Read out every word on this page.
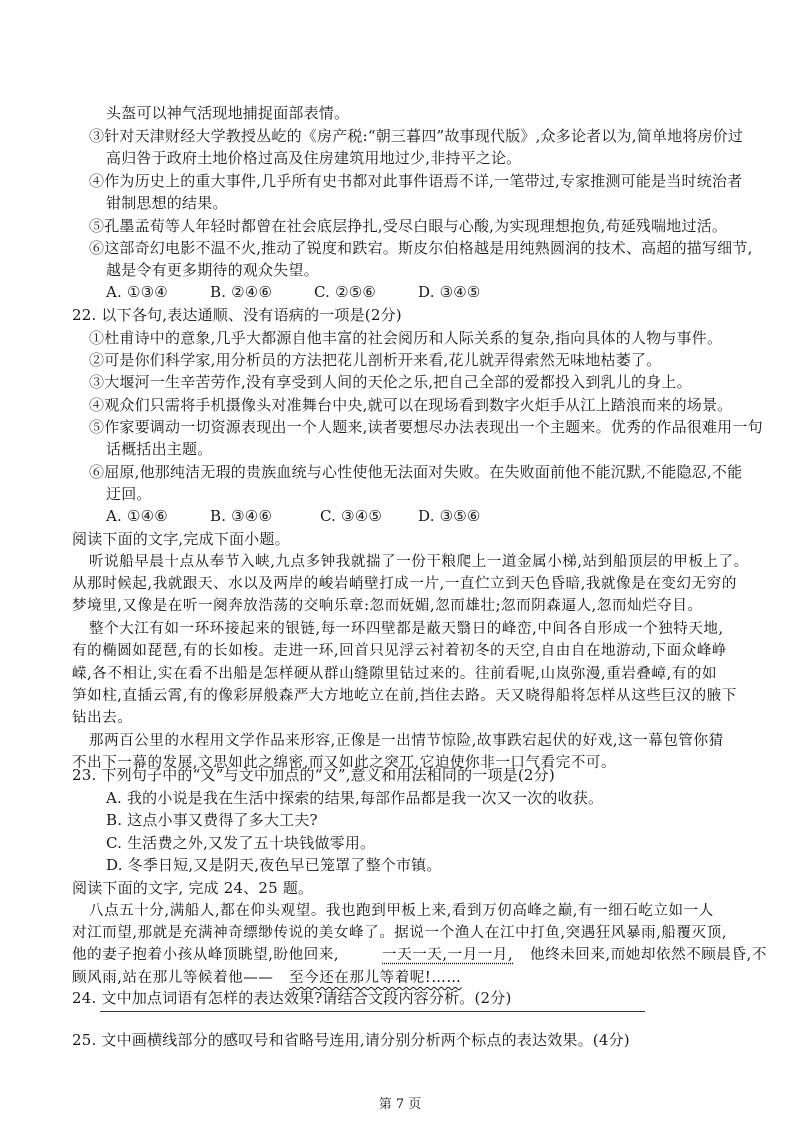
头盔可以神气活现地捕捉面部表情。
③针对天津财经大学教授丛屹的《房产税:“朝三暮四”故事现代版》,众多论者以为,简单地将房价过
高归咎于政府土地价格过高及住房建筑用地过少,非持平之论。
④作为历史上的重大事件,几乎所有史书都对此事件语焉不详,一笔带过,专家推测可能是当时统治者
钳制思想的结果。
⑤孔墨孟荀等人年轻时都曾在社会底层挣扎,受尽白眼与心酸,为实现理想抱负,苟延残喘地过活。
⑥这部奇幻电影不温不火,推动了锐度和跌宕。斯皮尔伯格越是用纯熟圆润的技术、高超的描写细节,
越是令有更多期待的观众失望。
22. 以下各句,表达通顺、没有语病的一项是(2分)
①杜甫诗中的意象,几乎大都源自他丰富的社会阅历和人际关系的复杂,指向具体的人物与事件。
②可是你们科学家,用分析员的方法把花儿剖析开来看,花儿就弄得索然无味地枯萎了。
③大堰河一生辛苦劳作,没有享受到人间的天伦之乐,把自己全部的爱都投入到乳儿的身上。
④观众们只需将手机摄像头对准舞台中央,就可以在现场看到数字火炬手从江上踏浪而来的场景。
⑤作家要调动一切资源表现出一个人题来,读者要想尽办法表现出一个主题来。优秀的作品很难用一句
话概括出主题。
⑥屈原,他那纯洁无瑕的贵族血统与心性使他无法面对失败。在失败面前他不能沉默,不能隐忍,不能
迂回。
阅读下面的文字,完成下面小题。
23. 下列句子中的“又”与文中加点的“又”,意义和用法相同的一项是(2分)
A. 我的小说是我在生活中探索的结果,每部作品都是我一次又一次的收获。
B. 这点小事又费得了多大工夫?
C. 生活费之外,又发了五十块钱做零用。
D. 冬季日短,又是阴天,夜色早已笼罩了整个市镇。
阅读下面的文字, 完成 24、25 题。
24. 文中加点词语有怎样的表达效果?请结合文段内容分析。(2分)
25. 文中画横线部分的感叹号和省略号连用,请分别分析两个标点的表达效果。(4分)
A. ①③④	B. ②④⑥	C. ②⑤⑥	D. ③④⑤
A. ①④⑥	B. ③④⑥	C. ③④⑤	D. ③⑤⑥
听说船早晨十点从奉节入峡,九点多钟我就揣了一份干粮爬上一道金属小梯,站到船顶层的甲板上了。
从那时候起,我就跟天、水以及两岸的峻岩峭壁打成一片,一直伫立到天色昏暗,我就像是在变幻无穷的
梦境里,又像是在听一阕奔放浩荡的交响乐章:忽而妩媚,忽而雄壮;忽而阴森逼人,忽而灿烂夺目。
整个大江有如一环环接起来的银链,每一环四壁都是蔽天翳日的峰峦,中间各自形成一个独特天地,
有的椭圆如琵琶,有的长如梭。走进一环,回首只见浮云衬着初冬的天空,自由自在地游动,下面众峰峥
嵘,各不相让,实在看不出船是怎样硬从群山缝隙里钻过来的。往前看呢,山岚弥漫,重岩叠嶂,有的如
笋如柱,直插云霄,有的像彩屏般森严大方地屹立在前,挡住去路。天又晓得船将怎样从这些巨汉的腋下
钻出去。
那两百公里的水程用文学作品来形容,正像是一出情节惊险,故事跌宕起伏的好戏,这一幕包管你猜
不出下一幕的发展,文思如此之绵密,而又如此之突兀,它迫使你非一口气看完不可。
八点五十分,满船人,都在仰头观望。我也跑到甲板上来,看到万仞高峰之巅,有一细石屹立如一人
对江而望,那就是充满神奇缥缈传说的美女峰了。据说一个渔人在江中打鱼,突遇狂风暴雨,船覆灭顶,
他的妻子抱着小孩从峰顶眺望,盼他回来,	一天一天,一月一月, 他终未回来,而她却依然不顾晨昏,不
顾风雨,站在那儿等候着他—— 至今还在那儿等着呢!……
第 7 页
